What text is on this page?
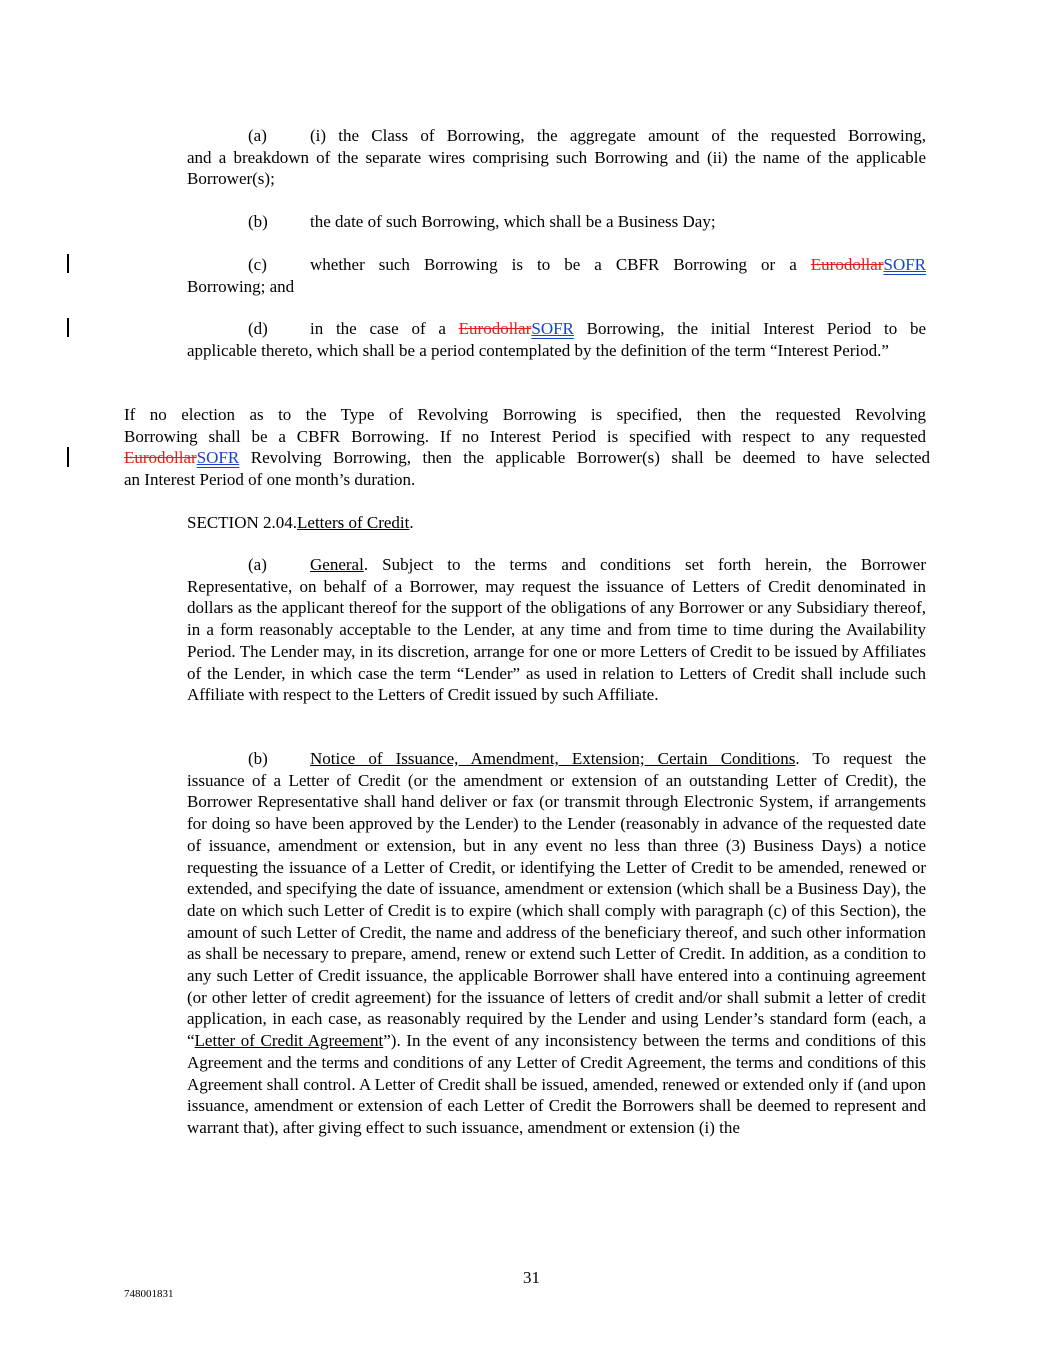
(a)	(i) the Class of Borrowing, the aggregate amount of the requested Borrowing,
and a breakdown of the separate wires comprising such Borrowing and (ii) the name of the applicable Borrower(s);
(b) the date of such Borrowing, which shall be a Business Day;
(c)	whether such Borrowing is to be a CBFR Borrowing or a EurodollarSOFR
Borrowing; and
(d) in the case of a EurodollarSOFR Borrowing, the initial Interest Period to be
applicable thereto, which shall be a period contemplated by the definition of the term “Interest Period.”
If no election as to the Type of Revolving Borrowing is specified, then the requested Revolving
Borrowing shall be a CBFR Borrowing. If no Interest Period is specified with respect to any requested
EurodollarSOFR Revolving Borrowing, then the applicable Borrower(s) shall be deemed to have selected
an Interest Period of one month’s duration.
SECTION 2.04.Letters of Credit.
(a)	General. Subject to the terms and conditions set forth herein, the Borrower
Representative, on behalf of a Borrower, may request the issuance of Letters of Credit denominated in dollars as the applicant thereof for the support of the obligations of any Borrower or any Subsidiary thereof, in a form reasonably acceptable to the Lender, at any time and from time to time during the Availability Period. The Lender may, in its discretion, arrange for one or more Letters of Credit to be issued by Affiliates of the Lender, in which case the term “Lender” as used in relation to Letters of Credit shall include such Affiliate with respect to the Letters of Credit issued by such Affiliate.
(b) Notice of Issuance, Amendment, Extension; Certain Conditions. To request the
issuance of a Letter of Credit (or the amendment or extension of an outstanding Letter of Credit), the Borrower Representative shall hand deliver or fax (or transmit through Electronic System, if arrangements for doing so have been approved by the Lender) to the Lender (reasonably in advance of the requested date of issuance, amendment or extension, but in any event no less than three (3) Business Days) a notice requesting the issuance of a Letter of Credit, or identifying the Letter of Credit to be amended, renewed or extended, and specifying the date of issuance, amendment or extension (which shall be a Business Day), the date on which such Letter of Credit is to expire (which shall comply with paragraph (c) of this Section), the amount of such Letter of Credit, the name and address of the beneficiary thereof, and such other information as shall be necessary to prepare, amend, renew or extend such Letter of Credit. In addition, as a condition to any such Letter of Credit issuance, the applicable Borrower shall have entered into a continuing agreement (or other letter of credit agreement) for the issuance of letters of credit and/or shall submit a letter of credit application, in each case, as reasonably required by the Lender and using Lender’s standard form (each, a “Letter of Credit Agreement”). In the event of any inconsistency between the terms and conditions of this Agreement and the terms and conditions of any Letter of Credit Agreement, the terms and conditions of this Agreement shall control. A Letter of Credit shall be issued, amended, renewed or extended only if (and upon issuance, amendment or extension of each Letter of Credit the Borrowers shall be deemed to represent and warrant that), after giving effect to such issuance, amendment or extension (i) the
31
748001831
